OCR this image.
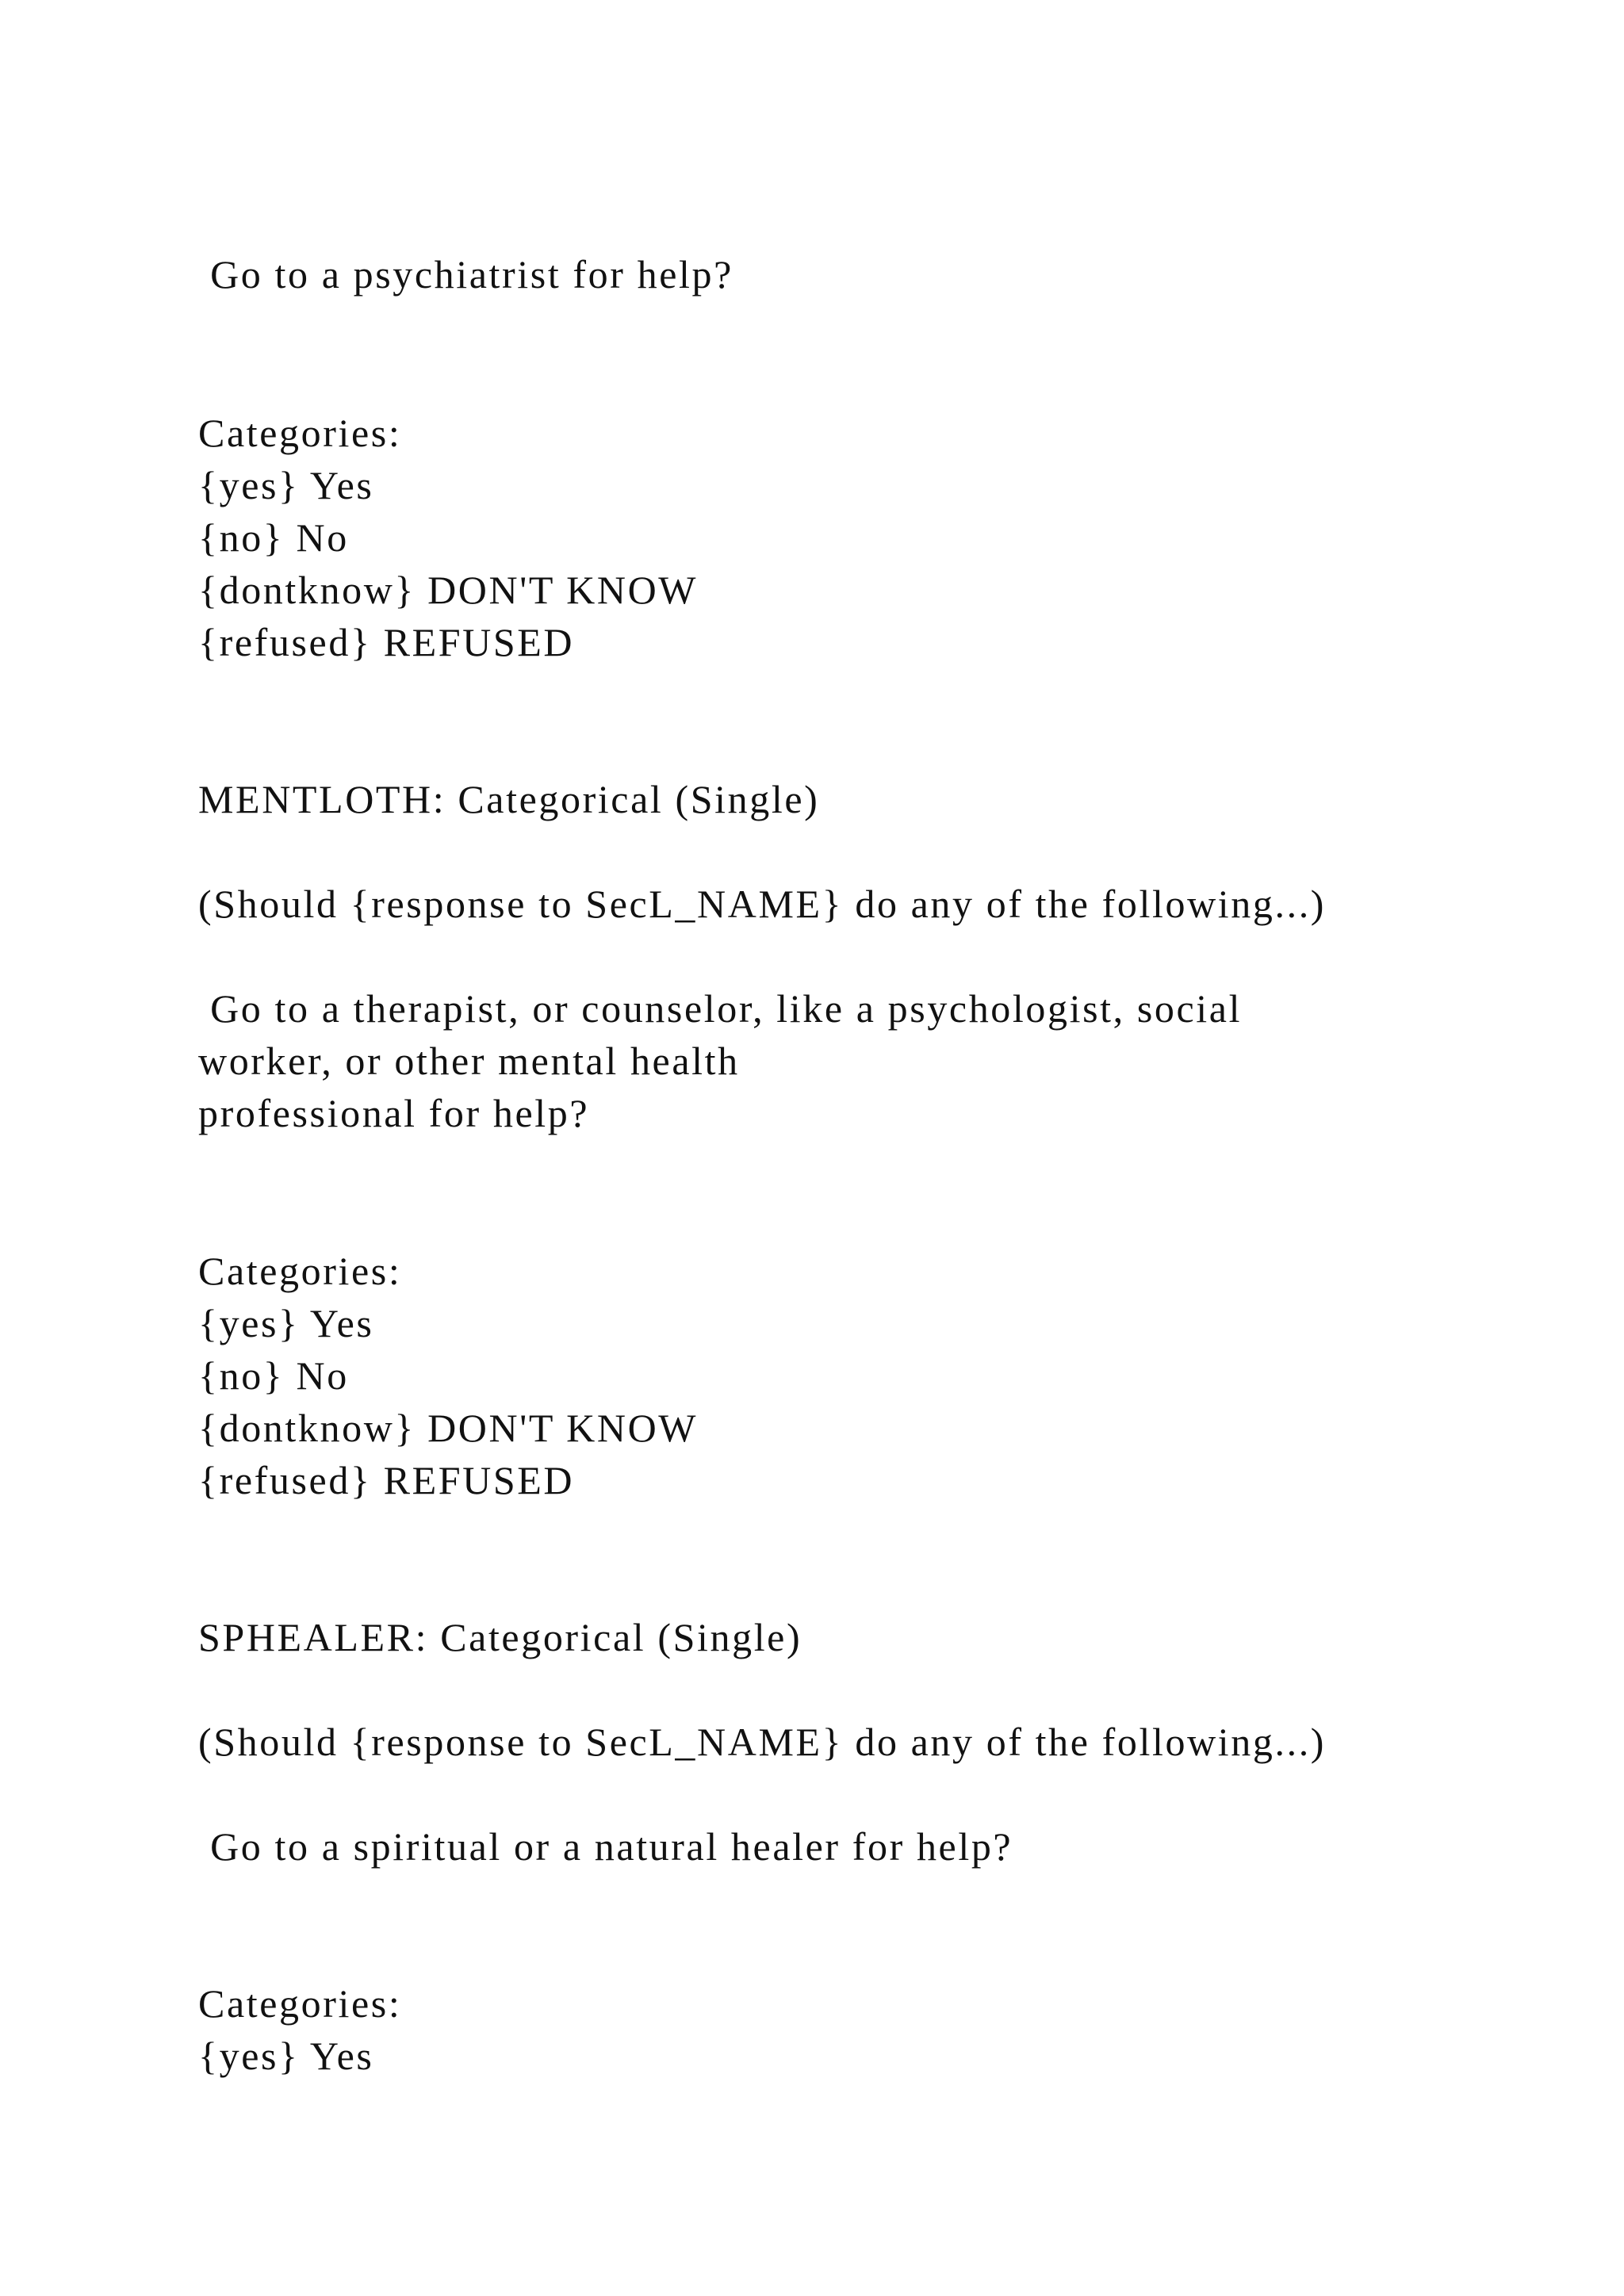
Go to a psychiatrist for help?
Categories:
{yes} Yes
{no} No
{dontknow} DON'T KNOW
{refused} REFUSED
MENTLOTH: Categorical (Single)
(Should {response to SecL_NAME} do any of the following...)
Go to a therapist, or counselor, like a psychologist, social
worker, or other mental health
professional for help?
Categories:
{yes} Yes
{no} No
{dontknow} DON'T KNOW
{refused} REFUSED
SPHEALER: Categorical (Single)
(Should {response to SecL_NAME} do any of the following...)
Go to a spiritual or a natural healer for help?
Categories:
{yes} Yes
